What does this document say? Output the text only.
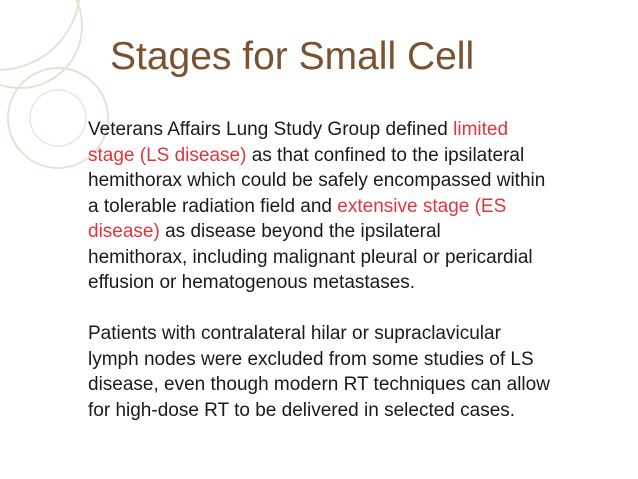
Stages for Small Cell
Veterans Affairs Lung Study Group defined limited
stage (LS disease) as that confined to the ipsilateral
hemithorax which could be safely encompassed within
a tolerable radiation field and extensive stage (ES
disease) as disease beyond the ipsilateral
hemithorax, including malignant pleural or pericardial
effusion or hematogenous metastases.
Patients with contralateral hilar or supraclavicular
lymph nodes were excluded from some studies of LS
disease, even though modern RT techniques can allow
for high-dose RT to be delivered in selected cases.
